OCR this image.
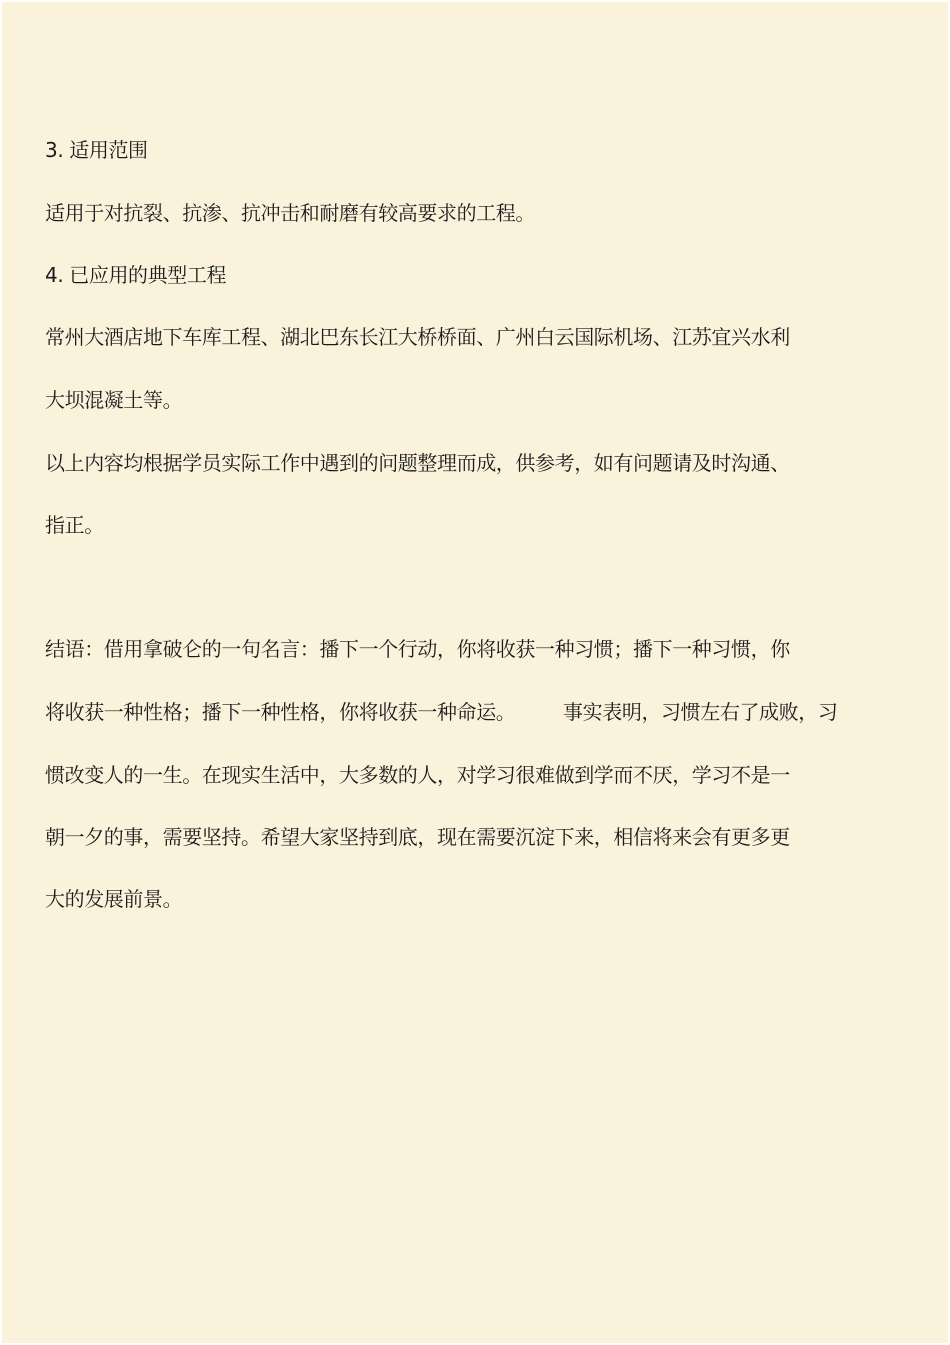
3. 适用范围
适用于对抗裂、抗渗、抗冲击和耐磨有较高要求的工程。
4. 已应用的典型工程
常州大酒店地下车库工程、湖北巴东长江大桥桥面、广州白云国际机场、江苏宜兴水利
大坝混凝土等。
以上内容均根据学员实际工作中遇到的问题整理而成，供参考，如有问题请及时沟通、
指正。
结语：借用拿破仑的一句名言：播下一个行动，你将收获一种习惯；播下一种习惯，你
将收获一种性格；播下一种性格，你将收获一种命运。        事实表明，习惯左右了成败，习
惯改变人的一生。在现实生活中，大多数的人，对学习很难做到学而不厌，学习不是一
朝一夕的事，需要坚持。希望大家坚持到底，现在需要沉淀下来，相信将来会有更多更
大的发展前景。
